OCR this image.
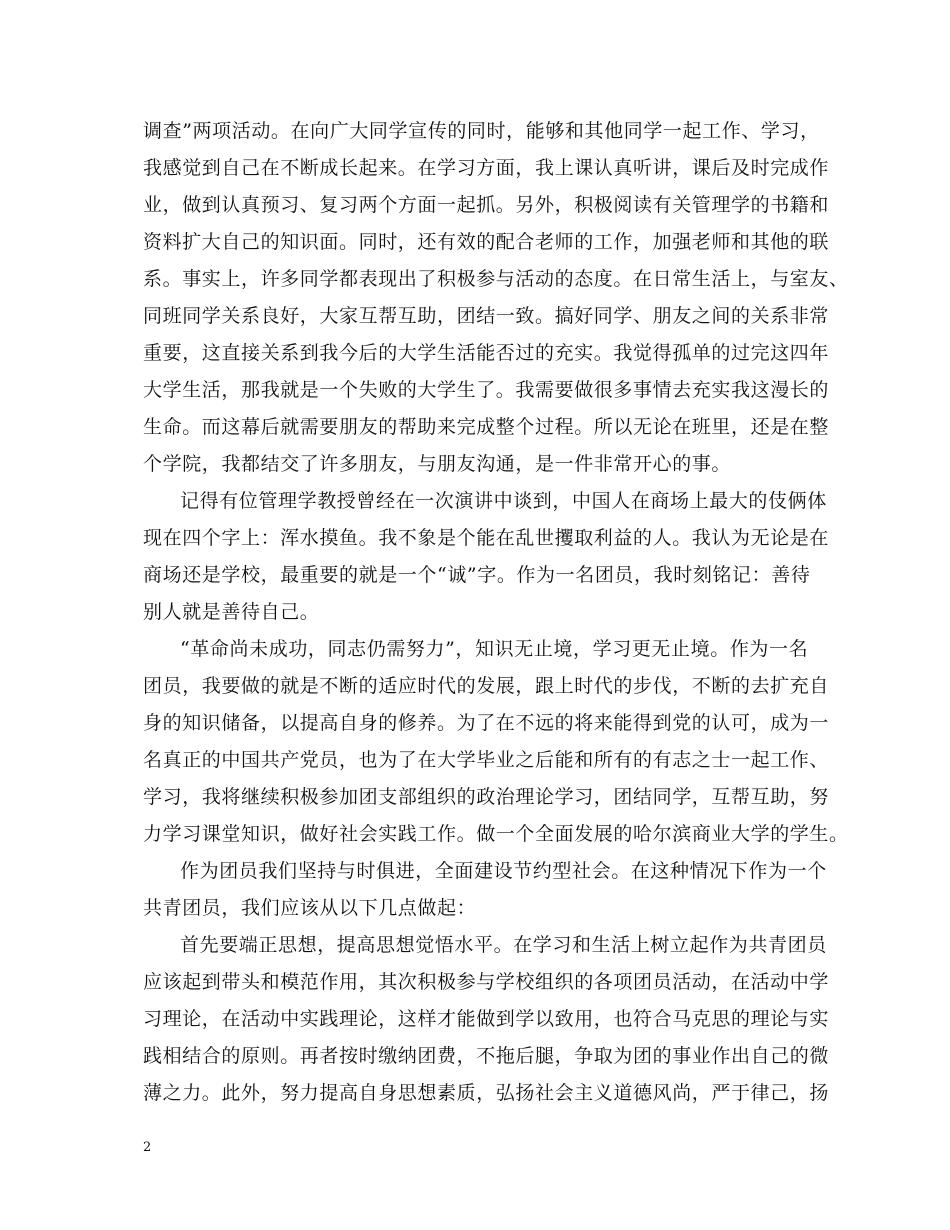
调查”两项活动。在向广大同学宣传的同时，能够和其他同学一起工作、学习，
我感觉到自己在不断成长起来。在学习方面，我上课认真听讲，课后及时完成作
业，做到认真预习、复习两个方面一起抓。另外，积极阅读有关管理学的书籍和
资料扩大自己的知识面。同时，还有效的配合老师的工作，加强老师和其他的联
系。事实上，许多同学都表现出了积极参与活动的态度。在日常生活上，与室友、
同班同学关系良好，大家互帮互助，团结一致。搞好同学、朋友之间的关系非常
重要，这直接关系到我今后的大学生活能否过的充实。我觉得孤单的过完这四年
大学生活，那我就是一个失败的大学生了。我需要做很多事情去充实我这漫长的
生命。而这幕后就需要朋友的帮助来完成整个过程。所以无论在班里，还是在整
个学院，我都结交了许多朋友，与朋友沟通，是一件非常开心的事。
记得有位管理学教授曾经在一次演讲中谈到，中国人在商场上最大的伎俩体
现在四个字上：浑水摸鱼。我不象是个能在乱世攫取利益的人。我认为无论是在
商场还是学校，最重要的就是一个“诚”字。作为一名团员，我时刻铭记：善待
别人就是善待自己。
“革命尚未成功，同志仍需努力”，知识无止境，学习更无止境。作为一名
团员，我要做的就是不断的适应时代的发展，跟上时代的步伐，不断的去扩充自
身的知识储备，以提高自身的修养。为了在不远的将来能得到党的认可，成为一
名真正的中国共产党员，也为了在大学毕业之后能和所有的有志之士一起工作、
学习，我将继续积极参加团支部组织的政治理论学习，团结同学，互帮互助，努
力学习课堂知识，做好社会实践工作。做一个全面发展的哈尔滨商业大学的学生。
作为团员我们坚持与时俱进，全面建设节约型社会。在这种情况下作为一个
共青团员，我们应该从以下几点做起：
首先要端正思想，提高思想觉悟水平。在学习和生活上树立起作为共青团员
应该起到带头和模范作用，其次积极参与学校组织的各项团员活动，在活动中学
习理论，在活动中实践理论，这样才能做到学以致用，也符合马克思的理论与实
践相结合的原则。再者按时缴纳团费，不拖后腿，争取为团的事业作出自己的微
薄之力。此外，努力提高自身思想素质，弘扬社会主义道德风尚，严于律己，扬
2
